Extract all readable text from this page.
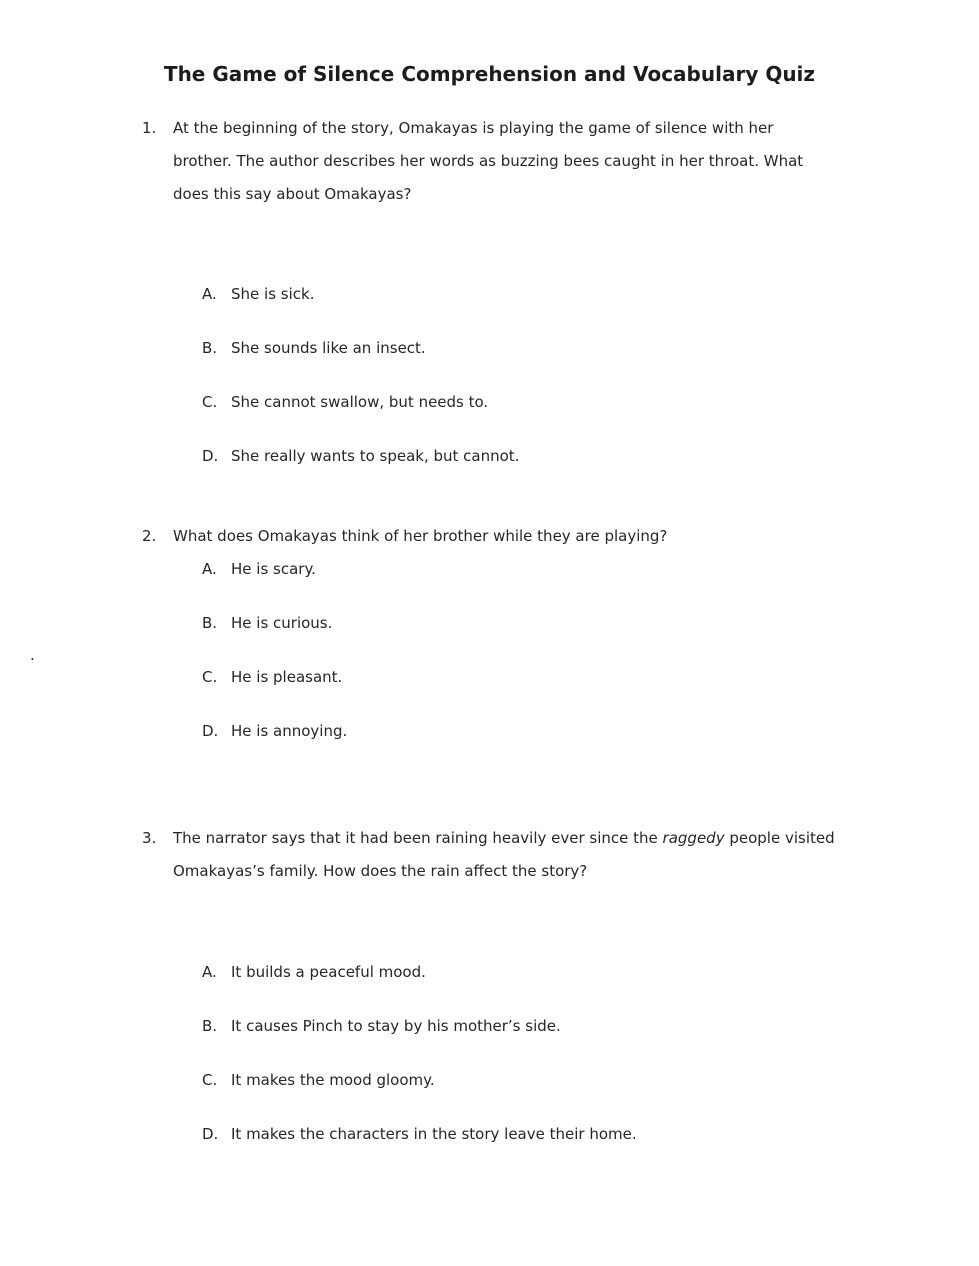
The Game of Silence Comprehension and Vocabulary Quiz
1.	At the beginning of the story, Omakayas is playing the game of silence with her brother. The author describes her words as buzzing bees caught in her throat. What does this say about Omakayas?
A. She is sick.
B. She sounds like an insect.
C. She cannot swallow, but needs to.
D. She really wants to speak, but cannot.
2.	What does Omakayas think of her brother while they are playing?
.
A. He is scary.
B. He is curious.
C. He is pleasant.
D. He is annoying.
3.	The narrator says that it had been raining heavily ever since the raggedy people visited Omakayas’s family. How does the rain affect the story?
A. It builds a peaceful mood.
B. It causes Pinch to stay by his mother’s side.
C. It makes the mood gloomy.
D. It makes the characters in the story leave their home.
